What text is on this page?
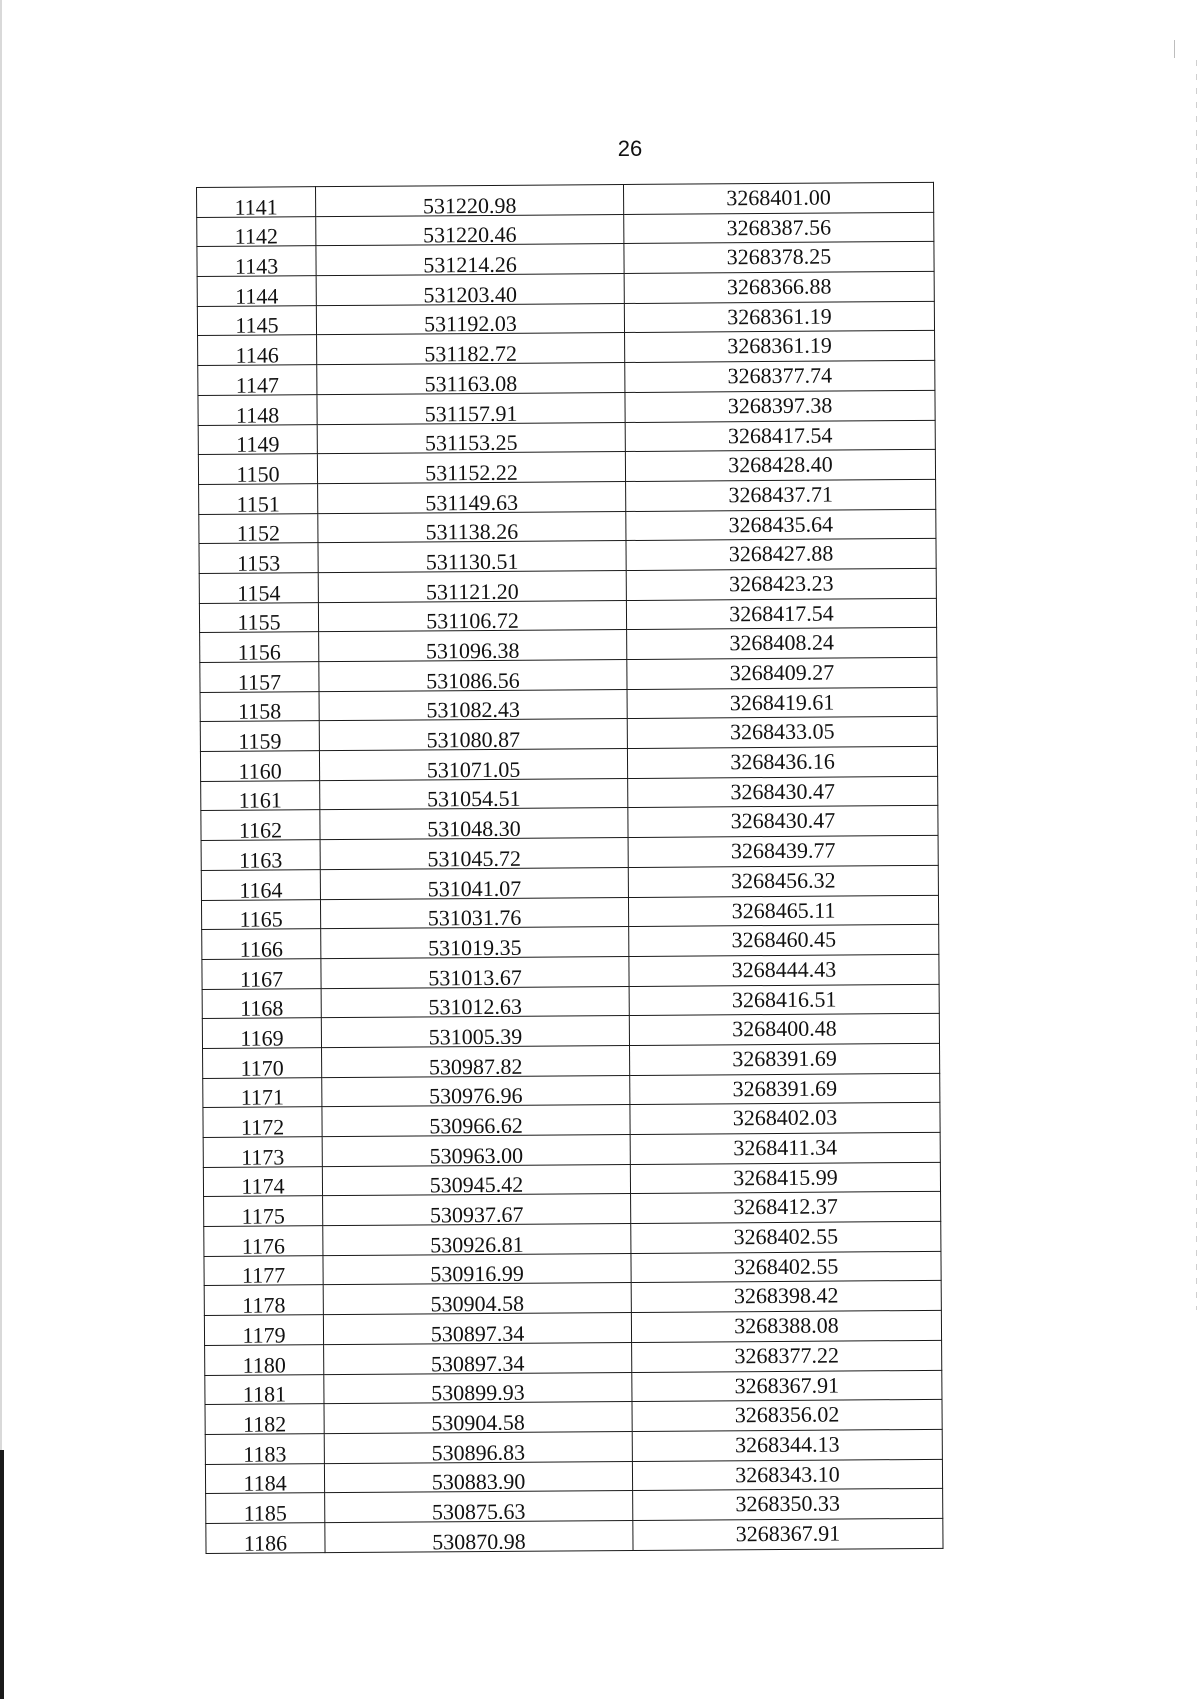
26
1141	531220.98	3268401.00

1142	531220.46	3268387.56

1143	531214.26	3268378.25

1144	531203.40	3268366.88

1145	531192.03	3268361.19

1146	531182.72	3268361.19

1147	531163.08	3268377.74

1148	531157.91	3268397.38

1149	531153.25	3268417.54

1150	531152.22	3268428.40

1151	531149.63	3268437.71

1152	531138.26	3268435.64

1153	531130.51	3268427.88

1154	531121.20	3268423.23

1155	531106.72	3268417.54

1156	531096.38	3268408.24

1157	531086.56	3268409.27

1158	531082.43	3268419.61

1159	531080.87	3268433.05

1160	531071.05	3268436.16

1161	531054.51	3268430.47

1162	531048.30	3268430.47

1163	531045.72	3268439.77

1164	531041.07	3268456.32

1165	531031.76	3268465.11

1166	531019.35	3268460.45

1167	531013.67	3268444.43

1168	531012.63	3268416.51

1169	531005.39	3268400.48

1170	530987.82	3268391.69

1171	530976.96	3268391.69

1172	530966.62	3268402.03

1173	530963.00	3268411.34

1174	530945.42	3268415.99

1175	530937.67	3268412.37

1176	530926.81	3268402.55

1177	530916.99	3268402.55

1178	530904.58	3268398.42

1179	530897.34	3268388.08

1180	530897.34	3268377.22

1181	530899.93	3268367.91

1182	530904.58	3268356.02

1183	530896.83	3268344.13

1184	530883.90	3268343.10

1185	530875.63	3268350.33

1186	530870.98	3268367.91
